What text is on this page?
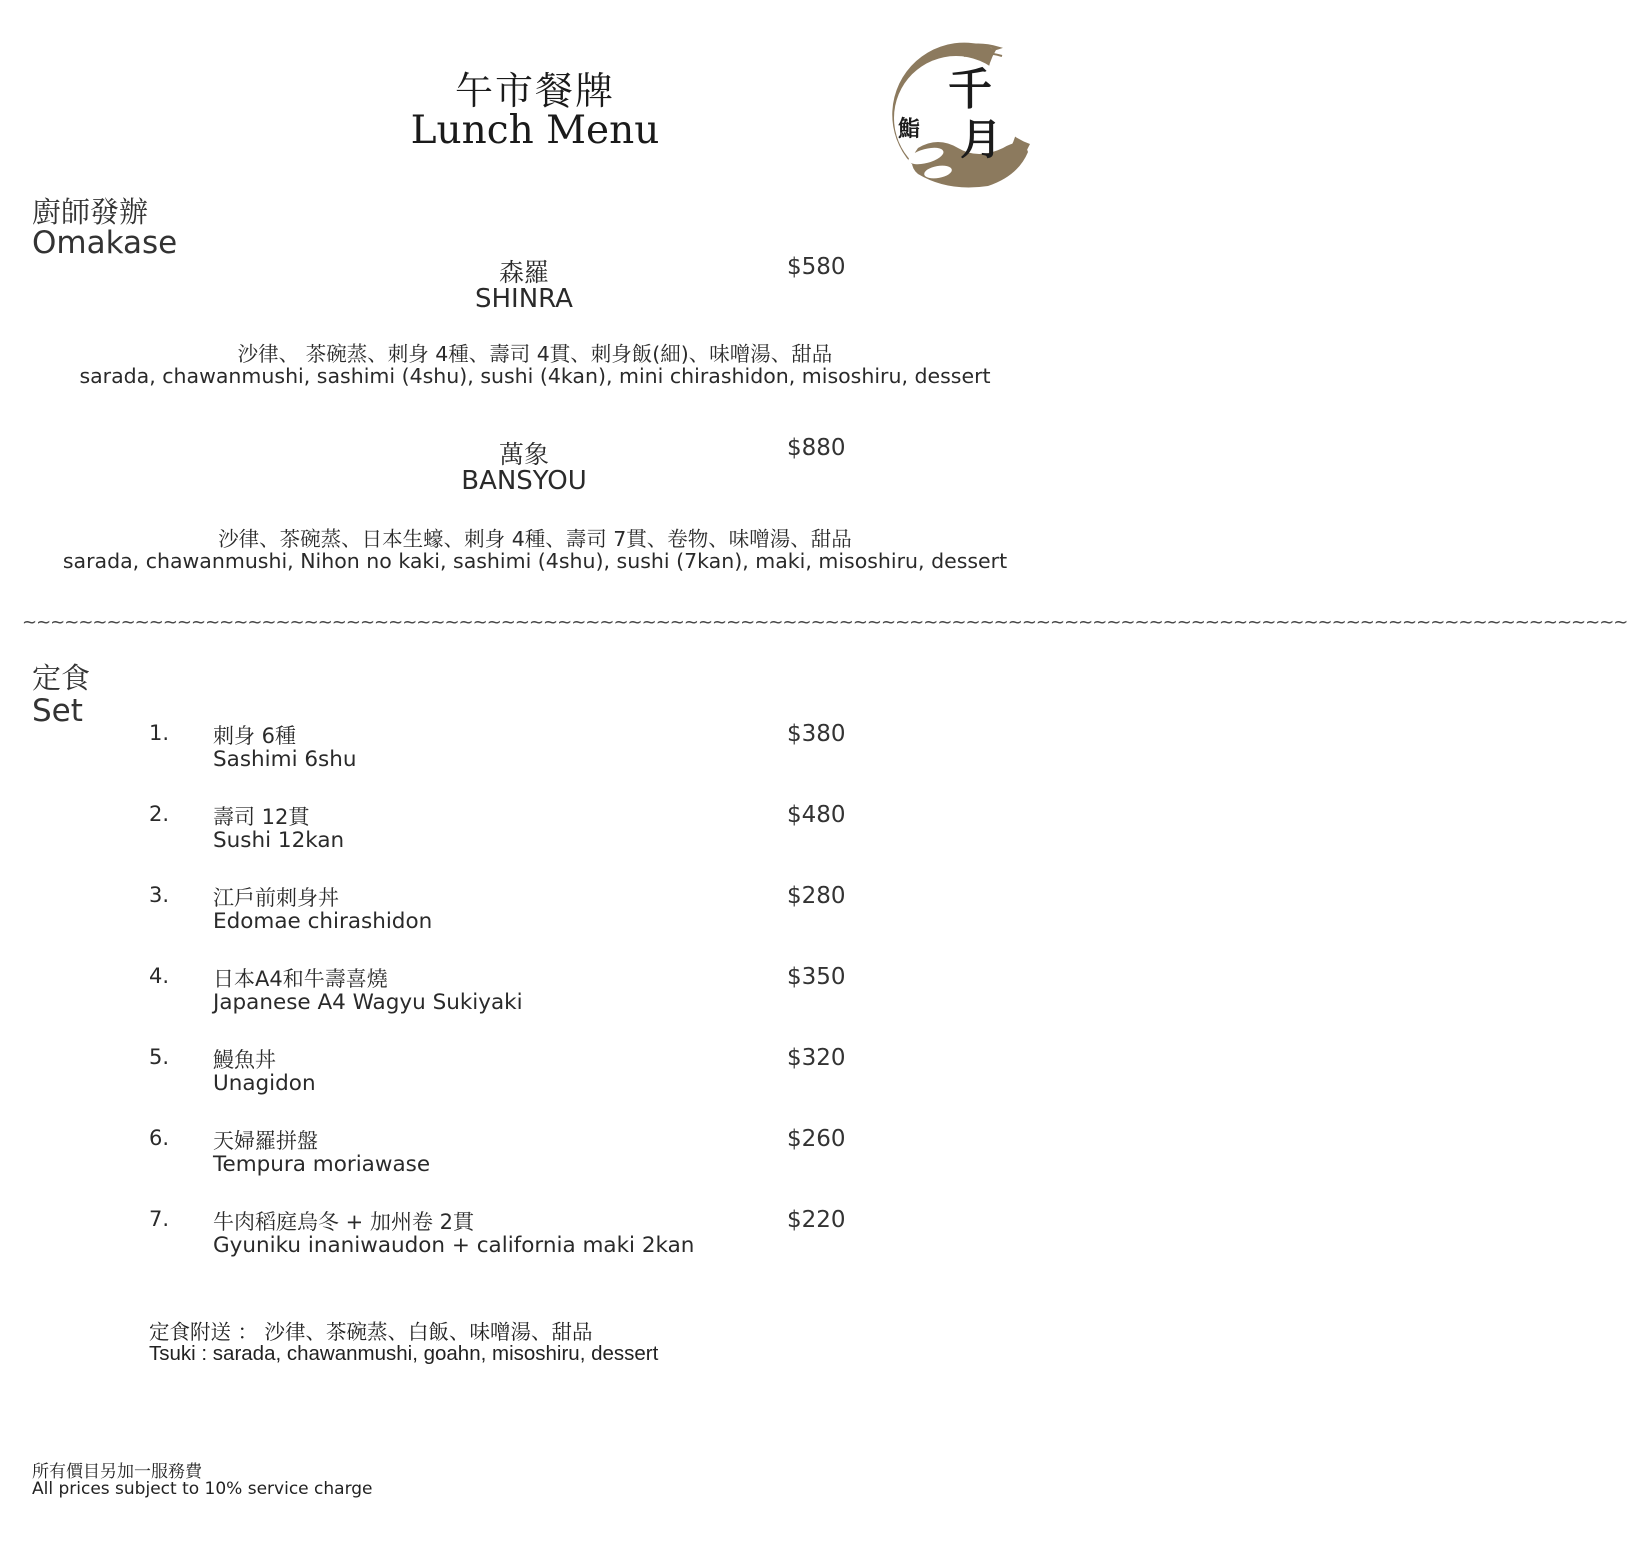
午市餐牌
Lunch Menu
千
月
鮨
廚師發辦
Omakase
森羅
SHINRA
$580
沙律、 茶碗蒸、刺身 4種、壽司 4貫、刺身飯(細)、味噌湯、甜品
sarada, chawanmushi, sashimi (4shu), sushi (4kan), mini chirashidon, misoshiru, dessert
萬象
BANSYOU
$880
沙律、茶碗蒸、日本生蠔、刺身 4種、壽司 7貫、卷物、味噌湯、甜品
sarada, chawanmushi, Nihon no kaki, sashimi (4shu), sushi (7kan), maki, misoshiru, dessert
~~~~~~~~~~~~~~~~~~~~~~~~~~~~~~~~~~~~~~~~~~~~~~~~~~~~~~~~~~~~~~~~~~~~~~~~~~~~~~~~~~~~~~~~~~~~~~~~~~~~~~~~~~~~~~~~~~
定食
Set
1. 刺身 6種
Sashimi 6shu
$380
2. 壽司 12貫
Sushi 12kan
$480
3. 江戶前刺身丼
Edomae chirashidon
$280
4. 日本A4和牛壽喜燒
Japanese A4 Wagyu Sukiyaki
$350
5. 鰻魚丼
Unagidon
$320
6. 天婦羅拼盤
Tempura moriawase
$260
7. 牛肉稻庭烏冬 + 加州卷 2貫
Gyuniku inaniwaudon + california maki 2kan
$220
定食附送 ： 沙律、茶碗蒸、白飯、味噌湯、甜品
Tsuki : sarada, chawanmushi, goahn, misoshiru, dessert
所有價目另加一服務費
All prices subject to 10% service charge
